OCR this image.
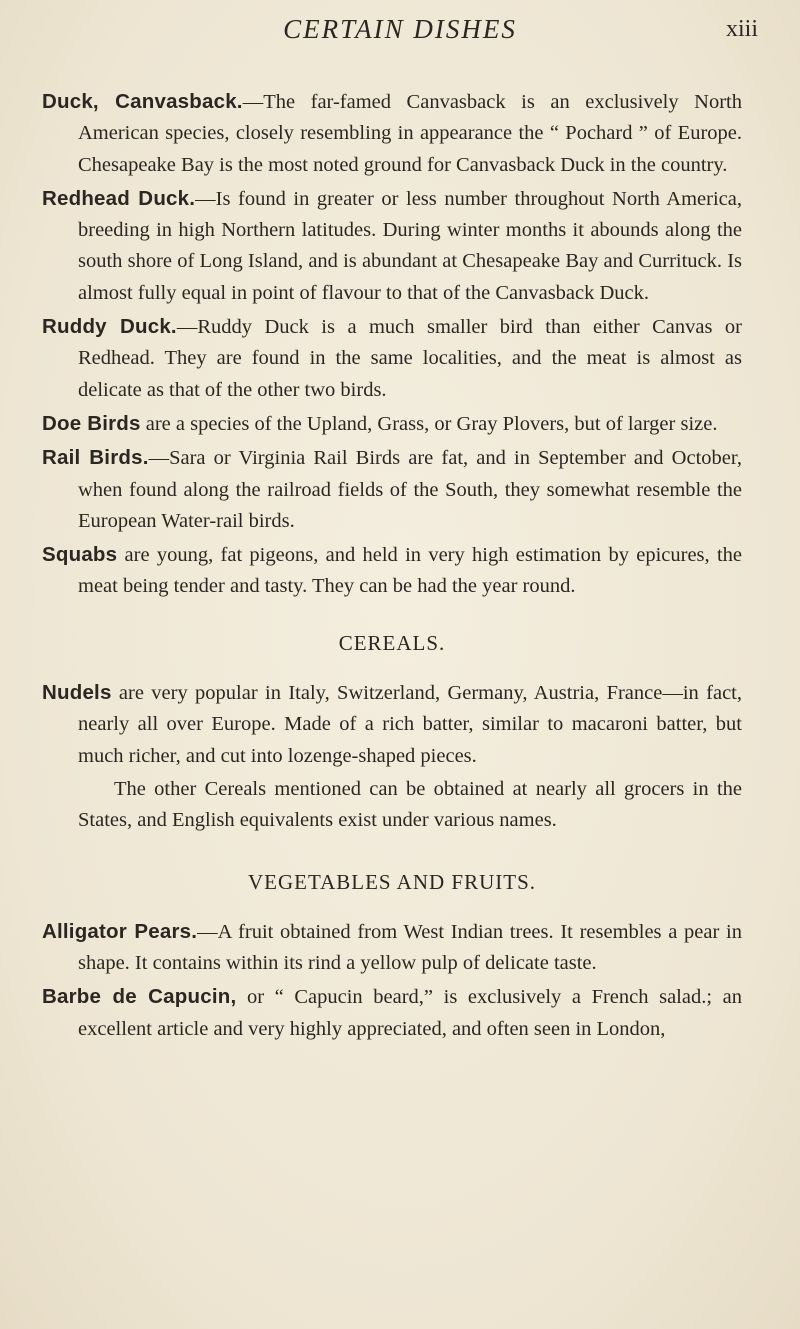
CERTAIN DISHES	xiii

Duck, Canvasback.—The far-famed Canvasback is an exclusively North American species, closely resembling in appearance the “ Pochard ” of Europe. Chesapeake Bay is the most noted ground for Canvasback Duck in the country.

Redhead Duck.—Is found in greater or less number throughout North America, breeding in high Northern latitudes. During winter months it abounds along the south shore of Long Island, and is abundant at Chesapeake Bay and Currituck. Is almost fully equal in point of flavour to that of the Canvasback Duck.

Ruddy Duck.—Ruddy Duck is a much smaller bird than either Canvas or Redhead. They are found in the same localities, and the meat is almost as delicate as that of the other two birds.

Doe Birds are a species of the Upland, Grass, or Gray Plovers, but of larger size.

Rail Birds.—Sara or Virginia Rail Birds are fat, and in September and October, when found along the railroad fields of the South, they somewhat resemble the European Water-rail birds.

Squabs are young, fat pigeons, and held in very high estimation by epicures, the meat being tender and tasty. They can be had the year round.

CEREALS.

Nudels are very popular in Italy, Switzerland, Germany, Austria, France—in fact, nearly all over Europe. Made of a rich batter, similar to macaroni batter, but much richer, and cut into lozenge-shaped pieces.

The other Cereals mentioned can be obtained at nearly all grocers in the States, and English equivalents exist under various names.

VEGETABLES AND FRUITS.

Alligator Pears.—A fruit obtained from West Indian trees. It resembles a pear in shape. It contains within its rind a yellow pulp of delicate taste.

Barbe de Capucin, or “ Capucin beard,” is exclusively a French salad.; an excellent article and very highly appreciated, and often seen in London,
